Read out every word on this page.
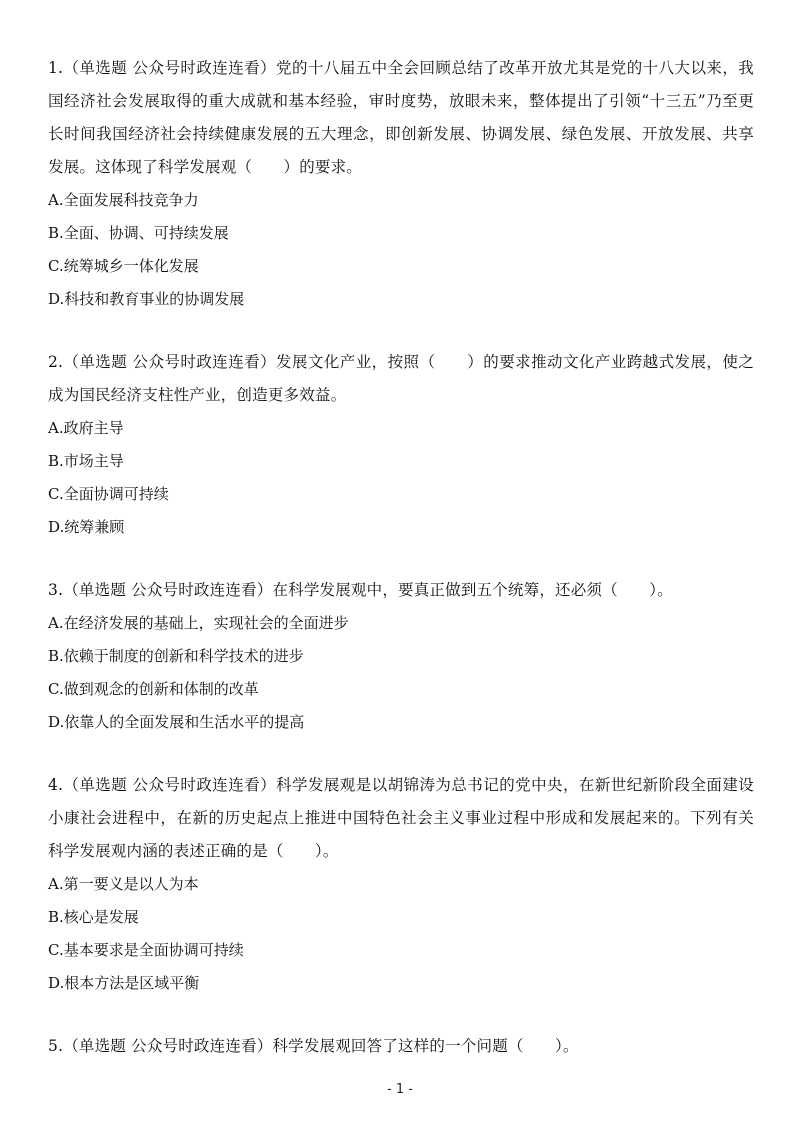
1.（单选题 公众号时政连连看）党的十八届五中全会回顾总结了改革开放尤其是党的十八大以来，我国经济社会发展取得的重大成就和基本经验，审时度势，放眼未来，整体提出了引领“十三五”乃至更长时间我国经济社会持续健康发展的五大理念，即创新发展、协调发展、绿色发展、开放发展、共享发展。这体现了科学发展观（　　）的要求。

A.全面发展科技竞争力
B.全面、协调、可持续发展
C.统筹城乡一体化发展
D.科技和教育事业的协调发展

2.（单选题 公众号时政连连看）发展文化产业，按照（　　）的要求推动文化产业跨越式发展，使之成为国民经济支柱性产业，创造更多效益。

A.政府主导
B.市场主导
C.全面协调可持续
D.统筹兼顾

3.（单选题 公众号时政连连看）在科学发展观中，要真正做到五个统筹，还必须（　　）。

A.在经济发展的基础上，实现社会的全面进步
B.依赖于制度的创新和科学技术的进步
C.做到观念的创新和体制的改革
D.依靠人的全面发展和生活水平的提高

4.（单选题 公众号时政连连看）科学发展观是以胡锦涛为总书记的党中央，在新世纪新阶段全面建设小康社会进程中，在新的历史起点上推进中国特色社会主义事业过程中形成和发展起来的。下列有关科学发展观内涵的表述正确的是（　　）。

A.第一要义是以人为本
B.核心是发展
C.基本要求是全面协调可持续
D.根本方法是区域平衡

5.（单选题 公众号时政连连看）科学发展观回答了这样的一个问题（　　）。

- 1 -
